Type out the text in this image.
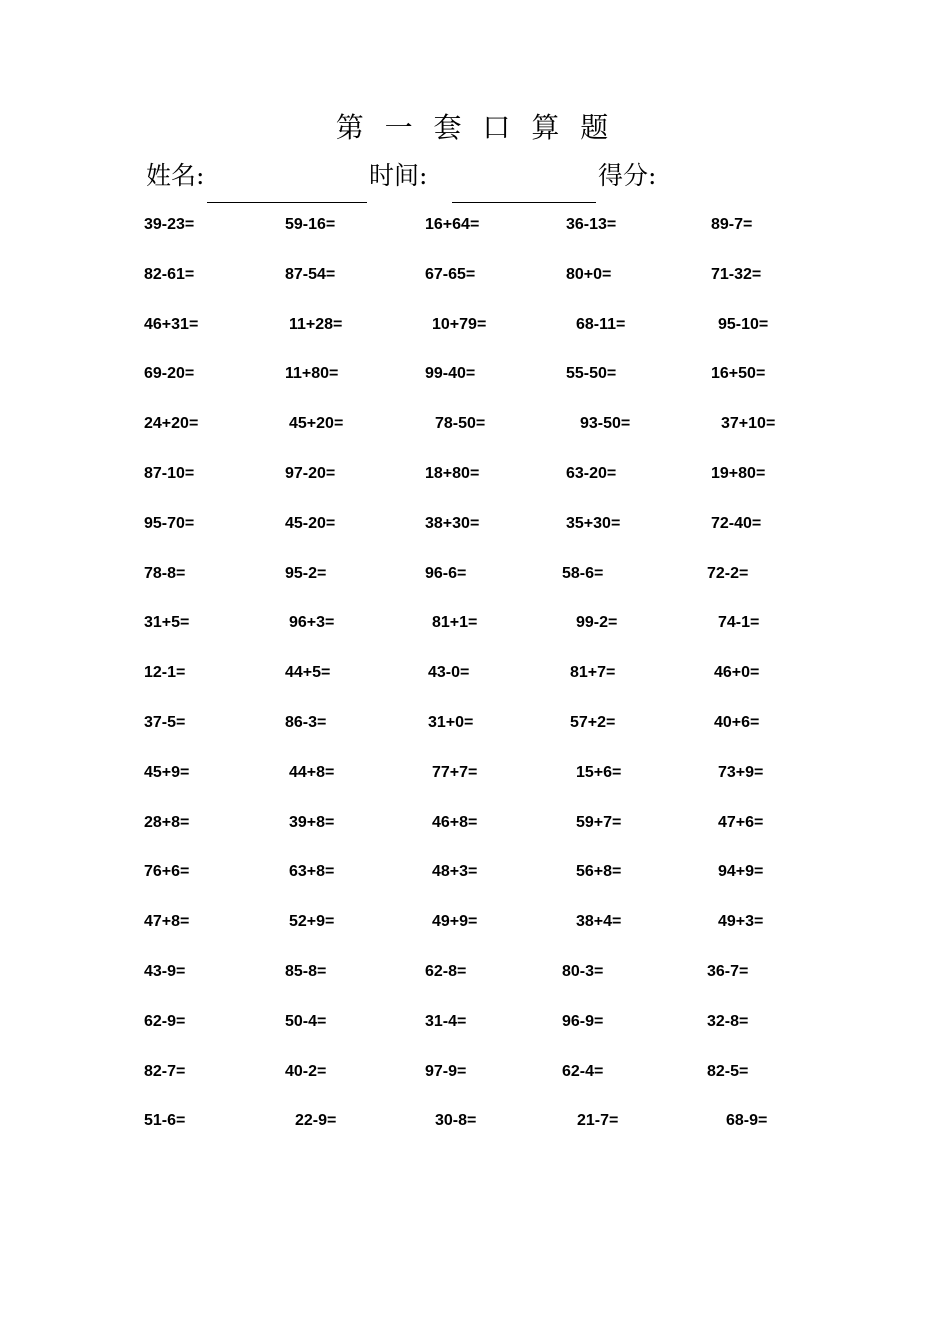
第 一 套 口 算 题
姓名:	时间:	得分:
39-23=	59-16=	16+64=	36-13=	89-7=
82-61=	87-54=	67-65=	80+0=	71-32=
46+31=	11+28=	10+79=	68-11=	95-10=
69-20=	11+80=	99-40=	55-50=	16+50=
24+20=	45+20=	78-50=	93-50=	37+10=
87-10=	97-20=	18+80=	63-20=	19+80=
95-70=	45-20=	38+30=	35+30=	72-40=
78-8=	95-2=	96-6=	58-6=	72-2=
31+5=	96+3=	81+1=	99-2=	74-1=
12-1=	44+5=	43-0=	81+7=	46+0=
37-5=	86-3=	31+0=	57+2=	40+6=
45+9=	44+8=	77+7=	15+6=	73+9=
28+8=	39+8=	46+8=	59+7=	47+6=
76+6=	63+8=	48+3=	56+8=	94+9=
47+8=	52+9=	49+9=	38+4=	49+3=
43-9=	85-8=	62-8=	80-3=	36-7=
62-9=	50-4=	31-4=	96-9=	32-8=
82-7=	40-2=	97-9=	62-4=	82-5=
51-6=	22-9=	30-8=	21-7=	68-9=
